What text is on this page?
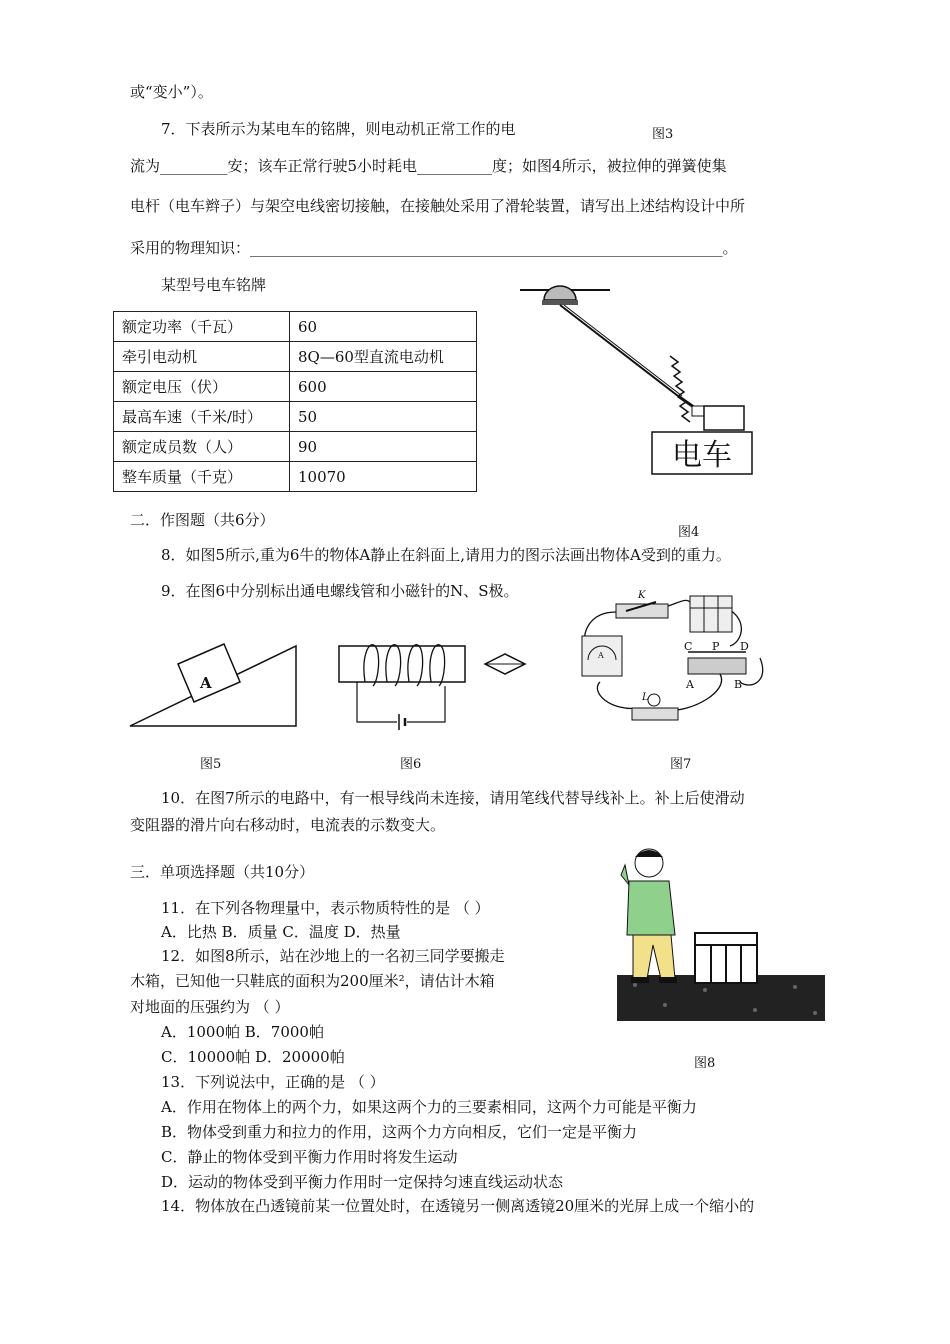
或“变小”）。
7．下表所示为某电车的铭牌，则电动机正常工作的电	图3
流为_________安；该车正常行驶5小时耗电__________度；如图4所示，被拉伸的弹簧使集
电杆（电车辫子）与架空电线密切接触，在接触处采用了滑轮装置，请写出上述结构设计中所
采用的物理知识：_______________________________________________________________。
某型号电车铭牌
额定功率（千瓦）	60
牵引电动机	8Q—60型直流电动机
额定电压（伏）	600
最高车速（千米/时）	50
额定成员数（人）	90
整车质量（千克）	10070
电车
图4
二．作图题（共6分）
8．如图5所示,重为6牛的物体A静止在斜面上,请用力的图示法画出物体A受到的重力。
9．在图6中分别标出通电螺线管和小磁针的N、S极。
A
图5	图6
K
A
C P D
A	B
L
图7
10．在图7所示的电路中，有一根导线尚未连接，请用笔线代替导线补上。补上后使滑动
变阻器的滑片向右移动时，电流表的示数变大。
三．单项选择题（共10分）
11．在下列各物理量中，表示物质特性的是 （ ）
A．比热 B．质量 C．温度 D．热量
12．如图8所示，站在沙地上的一名初三同学要搬走
木箱，已知他一只鞋底的面积为200厘米²，请估计木箱
对地面的压强约为 （ ）
A．1000帕 B．7000帕
C．10000帕 D．20000帕	图8
13．下列说法中，正确的是 （ ）
A．作用在物体上的两个力，如果这两个力的三要素相同，这两个力可能是平衡力
B．物体受到重力和拉力的作用，这两个力方向相反，它们一定是平衡力
C．静止的物体受到平衡力作用时将发生运动
D．运动的物体受到平衡力作用时一定保持匀速直线运动状态
14．物体放在凸透镜前某一位置处时，在透镜另一侧离透镜20厘米的光屏上成一个缩小的
